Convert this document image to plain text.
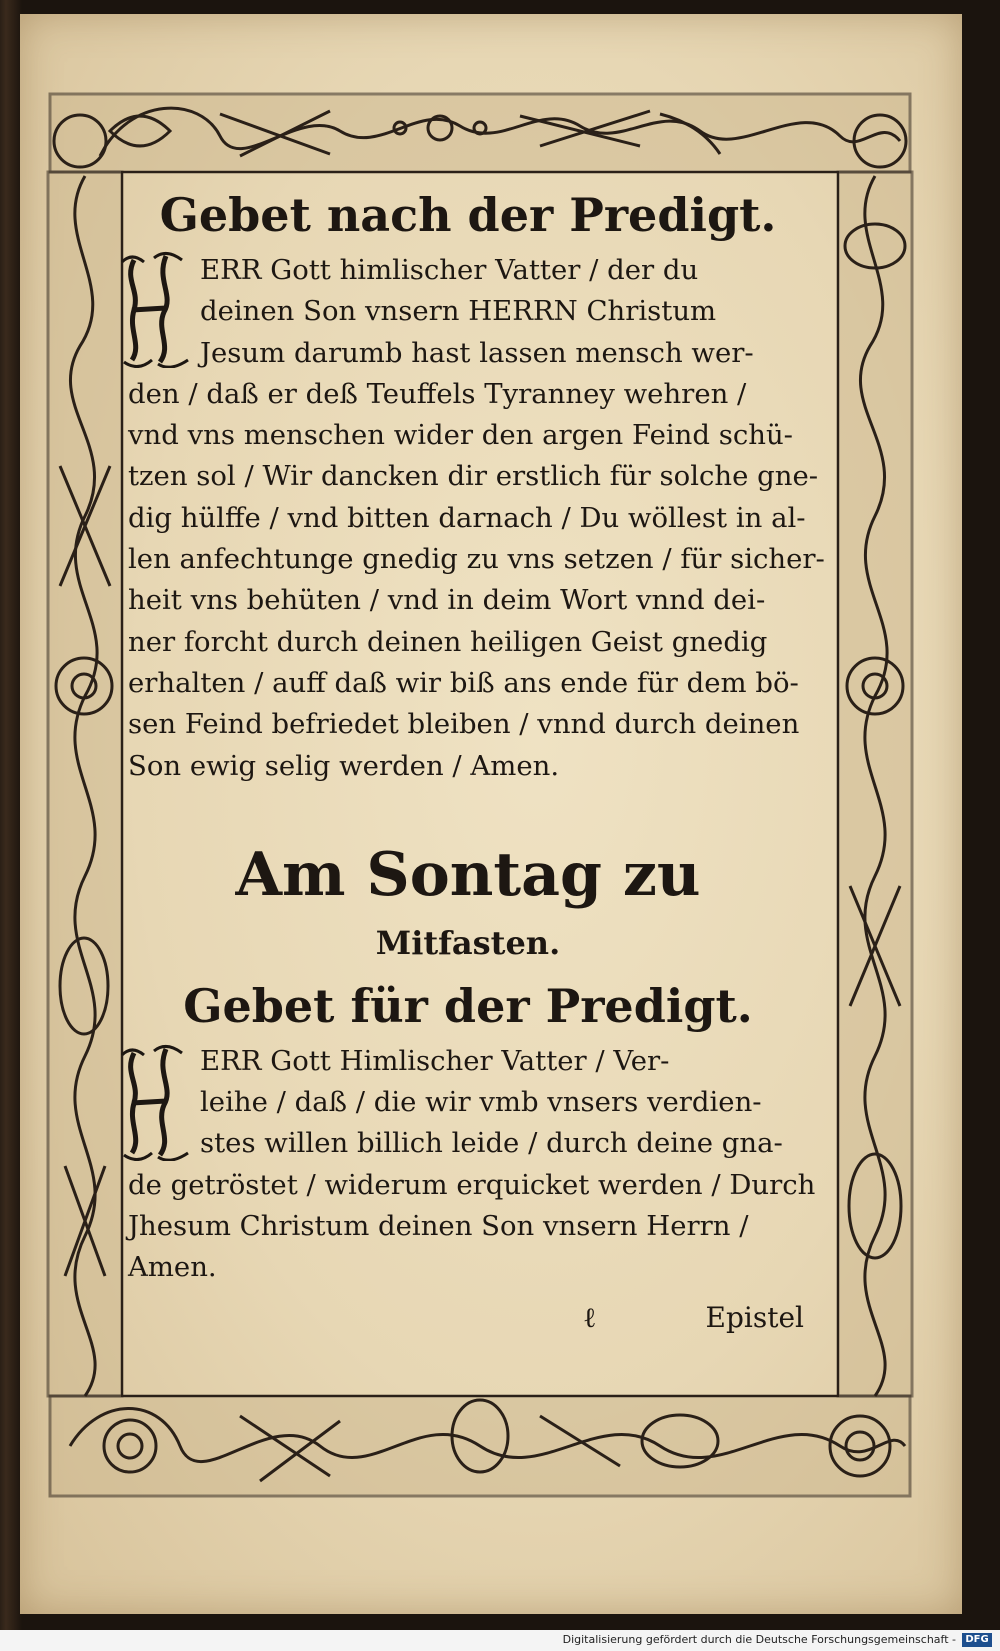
Gebet nach der Predigt.
ERR Gott himlischer Vatter / der du
deinen Son vnsern HERRN Christum
Jesum darumb hast lassen mensch wer-
den / daß er deß Teuffels Tyranney wehren /
vnd vns menschen wider den argen Feind schü-
tzen sol / Wir dancken dir erstlich für solche gne-
dig hülffe / vnd bitten darnach / Du wöllest in al-
len anfechtunge gnedig zu vns setzen / für sicher-
heit vns behüten / vnd in deim Wort vnnd dei-
ner forcht durch deinen heiligen Geist gnedig
erhalten / auff daß wir biß ans ende für dem bö-
sen Feind befriedet bleiben / vnnd durch deinen
Son ewig selig werden / Amen.
Am Sontag zu
Mitfasten.
Gebet für der Predigt.
ERR Gott Himlischer Vatter / Ver-
leihe / daß / die wir vmb vnsers verdien-
stes willen billich leide / durch deine gna-
de getröstet / widerum erquicket werden / Durch
Jhesum Christum deinen Son vnsern Herrn /
Amen.
ℓ	Epistel
Digitalisierung gefördert durch die Deutsche Forschungsgemeinschaft - DFG
